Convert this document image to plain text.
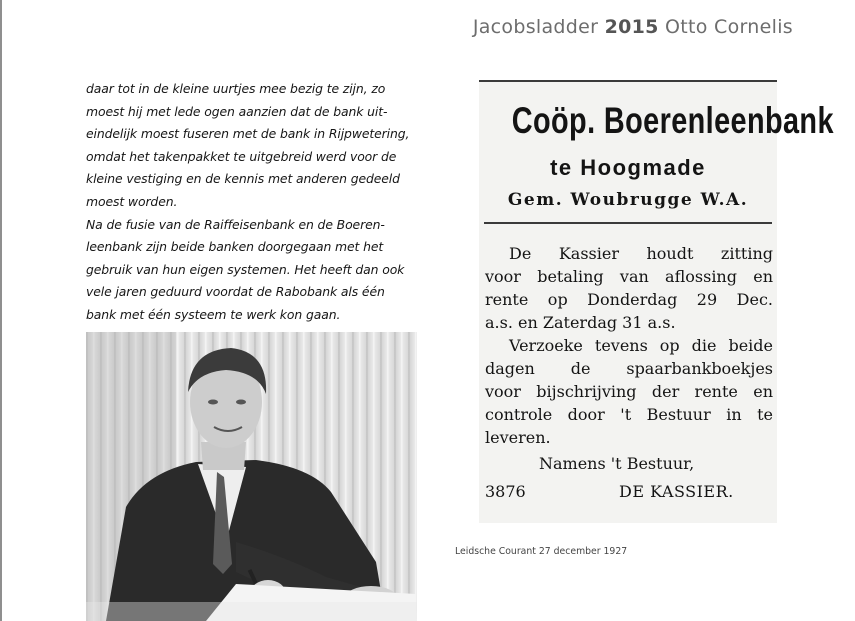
Jacobsladder 2015 Otto Cornelis

daar tot in de kleine uurtjes mee bezig te zijn, zo

moest hij met lede ogen aanzien dat de bank uit-

eindelijk moest fuseren met de bank in Rijpwetering,

omdat het takenpakket te uitgebreid werd voor de

kleine vestiging en de kennis met anderen gedeeld

moest worden.

Na de fusie van de Raiffeisenbank en de Boeren-

leenbank zijn beide banken doorgegaan met het

gebruik van hun eigen systemen. Het heeft dan ook

vele jaren geduurd voordat de Rabobank als één

bank met één systeem te werk kon gaan.

Coöp. Boerenleenbank
te Hoogmade
Gem. Woubrugge W.A.
De Kassier houdt zitting
voor betaling van aflossing en
rente op Donderdag 29 Dec.
a.s. en Zaterdag 31 a.s.
Verzoeke tevens op die beide
dagen de spaarbankboekjes
voor bijschrijving der rente en
controle door 't Bestuur in te
leveren.
Namens 't Bestuur,
3876	DE KASSIER.
Leidsche Courant 27 december 1927
